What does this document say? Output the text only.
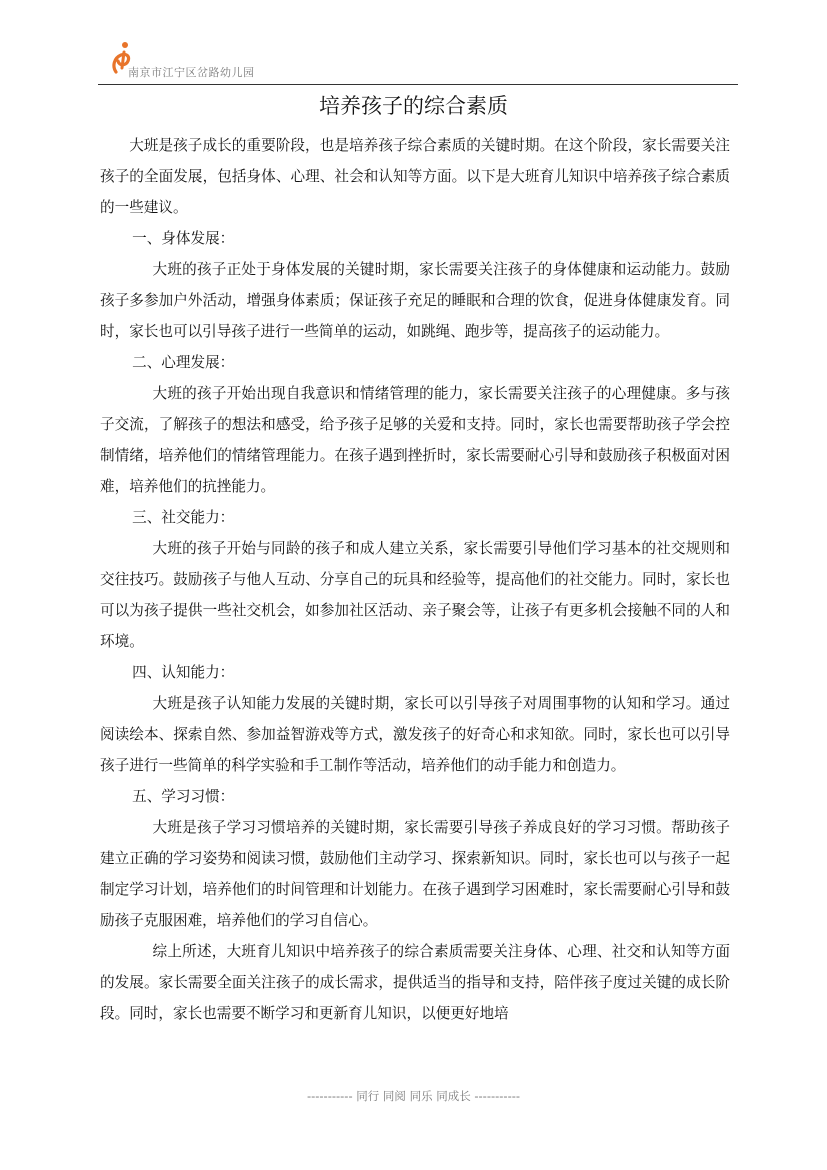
南京市江宁区岔路幼儿园
培养孩子的综合素质

大班是孩子成长的重要阶段，也是培养孩子综合素质的关键时期。在这个阶段，家长需要关注孩子的全面发展，包括身体、心理、社会和认知等方面。以下是大班育儿知识中培养孩子综合素质的一些建议。

一、身体发展：

大班的孩子正处于身体发展的关键时期，家长需要关注孩子的身体健康和运动能力。鼓励孩子多参加户外活动，增强身体素质；保证孩子充足的睡眠和合理的饮食，促进身体健康发育。同时，家长也可以引导孩子进行一些简单的运动，如跳绳、跑步等，提高孩子的运动能力。

二、心理发展：

大班的孩子开始出现自我意识和情绪管理的能力，家长需要关注孩子的心理健康。多与孩子交流，了解孩子的想法和感受，给予孩子足够的关爱和支持。同时，家长也需要帮助孩子学会控制情绪，培养他们的情绪管理能力。在孩子遇到挫折时，家长需要耐心引导和鼓励孩子积极面对困难，培养他们的抗挫能力。

三、社交能力：

大班的孩子开始与同龄的孩子和成人建立关系，家长需要引导他们学习基本的社交规则和交往技巧。鼓励孩子与他人互动、分享自己的玩具和经验等，提高他们的社交能力。同时，家长也可以为孩子提供一些社交机会，如参加社区活动、亲子聚会等，让孩子有更多机会接触不同的人和环境。

四、认知能力：

大班是孩子认知能力发展的关键时期，家长可以引导孩子对周围事物的认知和学习。通过阅读绘本、探索自然、参加益智游戏等方式，激发孩子的好奇心和求知欲。同时，家长也可以引导孩子进行一些简单的科学实验和手工制作等活动，培养他们的动手能力和创造力。

五、学习习惯：

大班是孩子学习习惯培养的关键时期，家长需要引导孩子养成良好的学习习惯。帮助孩子建立正确的学习姿势和阅读习惯，鼓励他们主动学习、探索新知识。同时，家长也可以与孩子一起制定学习计划，培养他们的时间管理和计划能力。在孩子遇到学习困难时，家长需要耐心引导和鼓励孩子克服困难，培养他们的学习自信心。

综上所述，大班育儿知识中培养孩子的综合素质需要关注身体、心理、社交和认知等方面的发展。家长需要全面关注孩子的成长需求，提供适当的指导和支持，陪伴孩子度过关键的成长阶段。同时，家长也需要不断学习和更新育儿知识，以便更好地培

----------- 同行 同阅 同乐 同成长 -----------
